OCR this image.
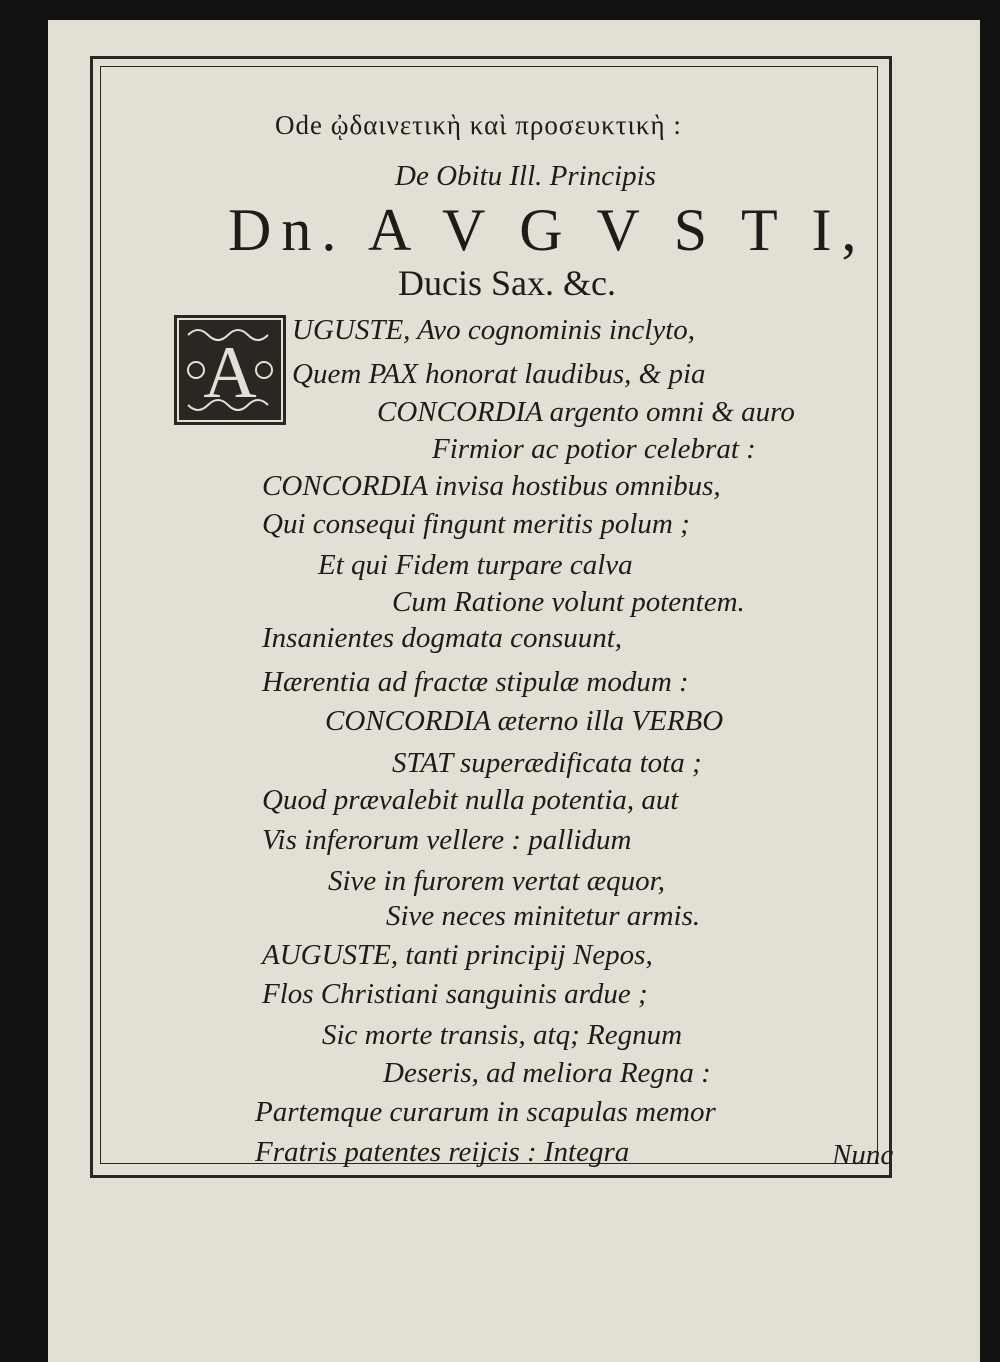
Ode ᾠδαινετικὴ καὶ προσευκτικὴ :
De Obitu Ill. Principis
Dn. A V G V S T I,
Ducis Sax. &c.
A
UGUSTE, Avo cognominis inclyto,
Quem PAX honorat laudibus, & pia
CONCORDIA argento omni & auro
Firmior ac potior celebrat :
CONCORDIA invisa hostibus omnibus,
Qui consequi fingunt meritis polum ;
Et qui Fidem turpare calva
Cum Ratione volunt potentem.
Insanientes dogmata consuunt,
Hærentia ad fractæ stipulæ modum :
CONCORDIA æterno illa VERBO
STAT superædificata tota ;
Quod prævalebit nulla potentia, aut
Vis inferorum vellere : pallidum
Sive in furorem vertat æquor,
Sive neces minitetur armis.
AUGUSTE, tanti principij Nepos,
Flos Christiani sanguinis ardue ;
Sic morte transis, atq; Regnum
Deseris, ad meliora Regna :
Partemque curarum in scapulas memor
Fratris patentes reijcis : Integra	Nunc
